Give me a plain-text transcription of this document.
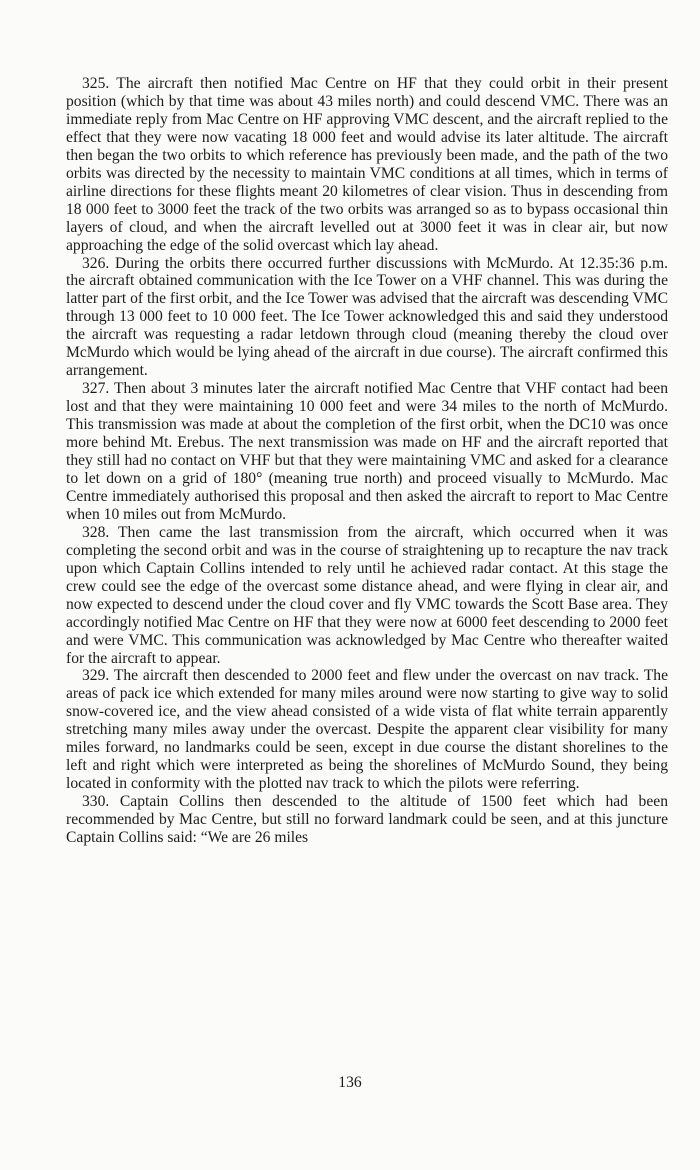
325. The aircraft then notified Mac Centre on HF that they could orbit in their present position (which by that time was about 43 miles north) and could descend VMC. There was an immediate reply from Mac Centre on HF approving VMC descent, and the aircraft replied to the effect that they were now vacating 18 000 feet and would advise its later altitude. The aircraft then began the two orbits to which reference has previously been made, and the path of the two orbits was directed by the necessity to maintain VMC conditions at all times, which in terms of airline directions for these flights meant 20 kilometres of clear vision. Thus in descending from 18 000 feet to 3000 feet the track of the two orbits was arranged so as to bypass occasional thin layers of cloud, and when the aircraft levelled out at 3000 feet it was in clear air, but now approaching the edge of the solid overcast which lay ahead.

326. During the orbits there occurred further discussions with McMurdo. At 12.35:36 p.m. the aircraft obtained communication with the Ice Tower on a VHF channel. This was during the latter part of the first orbit, and the Ice Tower was advised that the aircraft was descending VMC through 13 000 feet to 10 000 feet. The Ice Tower acknowledged this and said they understood the aircraft was requesting a radar letdown through cloud (meaning thereby the cloud over McMurdo which would be lying ahead of the aircraft in due course). The aircraft confirmed this arrangement.

327. Then about 3 minutes later the aircraft notified Mac Centre that VHF contact had been lost and that they were maintaining 10 000 feet and were 34 miles to the north of McMurdo. This transmission was made at about the completion of the first orbit, when the DC10 was once more behind Mt. Erebus. The next transmission was made on HF and the aircraft reported that they still had no contact on VHF but that they were maintaining VMC and asked for a clearance to let down on a grid of 180° (meaning true north) and proceed visually to McMurdo. Mac Centre immediately authorised this proposal and then asked the aircraft to report to Mac Centre when 10 miles out from McMurdo.

328. Then came the last transmission from the aircraft, which occurred when it was completing the second orbit and was in the course of straightening up to recapture the nav track upon which Captain Collins intended to rely until he achieved radar contact. At this stage the crew could see the edge of the overcast some distance ahead, and were flying in clear air, and now expected to descend under the cloud cover and fly VMC towards the Scott Base area. They accordingly notified Mac Centre on HF that they were now at 6000 feet descending to 2000 feet and were VMC. This communication was acknowledged by Mac Centre who thereafter waited for the aircraft to appear.

329. The aircraft then descended to 2000 feet and flew under the overcast on nav track. The areas of pack ice which extended for many miles around were now starting to give way to solid snow-covered ice, and the view ahead consisted of a wide vista of flat white terrain apparently stretching many miles away under the overcast. Despite the apparent clear visibility for many miles forward, no landmarks could be seen, except in due course the distant shorelines to the left and right which were interpreted as being the shorelines of McMurdo Sound, they being located in conformity with the plotted nav track to which the pilots were referring.

330. Captain Collins then descended to the altitude of 1500 feet which had been recommended by Mac Centre, but still no forward landmark could be seen, and at this juncture Captain Collins said: “We are 26 miles

136
